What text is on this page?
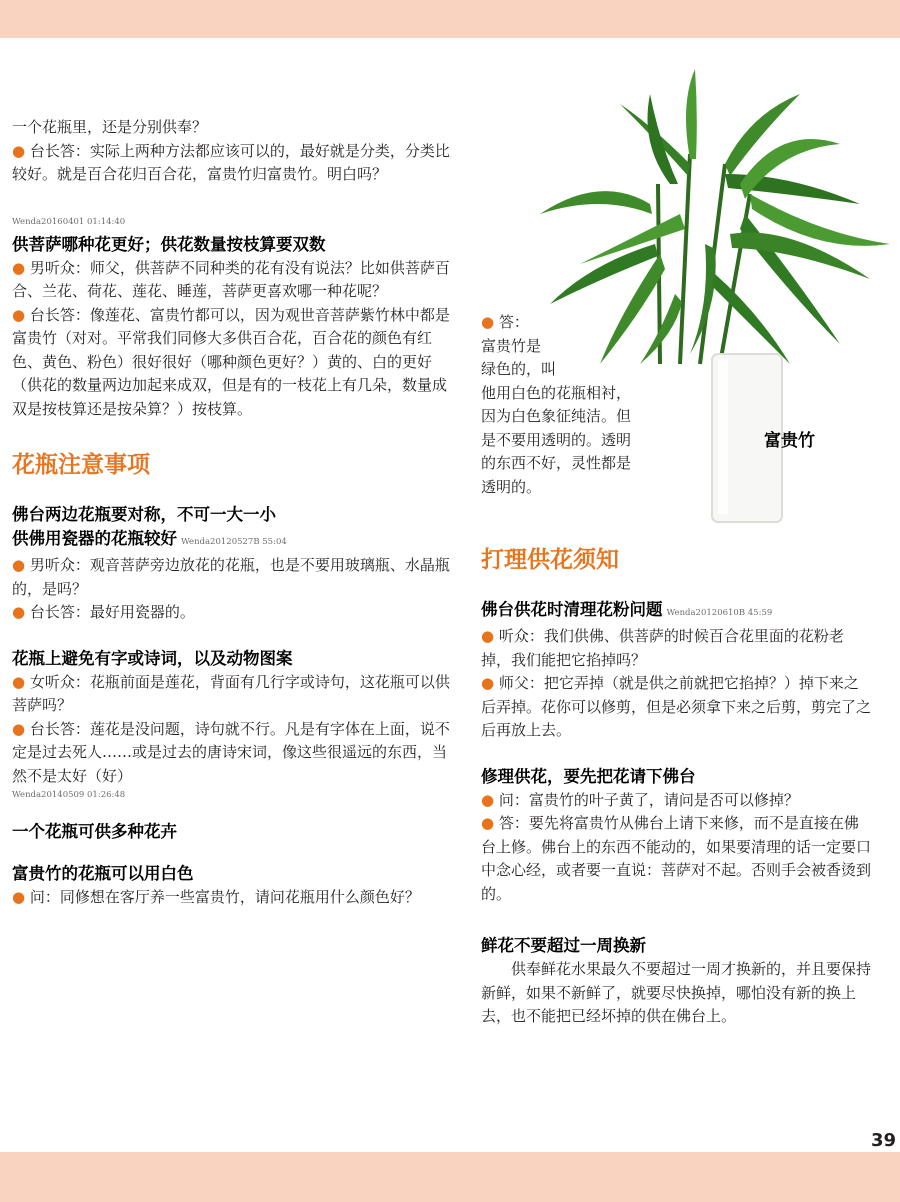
一个花瓶里，还是分别供奉？

● 台长答：实际上两种方法都应该可以的，最好就是分类，分类比较好。就是百合花归百合花，富贵竹归富贵竹。明白吗？

Wenda20160401 01:14:40
供菩萨哪种花更好；供花数量按枝算要双数

● 男听众：师父，供菩萨不同种类的花有没有说法？比如供菩萨百合、兰花、荷花、莲花、睡莲，菩萨更喜欢哪一种花呢？

● 台长答：像莲花、富贵竹都可以，因为观世音菩萨紫竹林中都是富贵竹（对对。平常我们同修大多供百合花，百合花的颜色有红色、黄色、粉色）很好很好（哪种颜色更好？）黄的、白的更好（供花的数量两边加起来成双，但是有的一枝花上有几朵，数量成双是按枝算还是按朵算？）按枝算。

花瓶注意事项
佛台两边花瓶要对称，不可一大一小
供佛用瓷器的花瓶较好 Wenda20120527B 55:04

● 男听众：观音菩萨旁边放花的花瓶，也是不要用玻璃瓶、水晶瓶的，是吗？

● 台长答：最好用瓷器的。

花瓶上避免有字或诗词，以及动物图案

● 女听众：花瓶前面是莲花，背面有几行字或诗句，这花瓶可以供菩萨吗？

● 台长答：莲花是没问题，诗句就不行。凡是有字体在上面，说不定是过去死人……或是过去的唐诗宋词，像这些很遥远的东西，当然不是太好（好）

Wenda20140509 01:26:48
一个花瓶可供多种花卉
富贵竹的花瓶可以用白色

● 问：同修想在客厅养一些富贵竹，请问花瓶用什么颜色好？

富贵竹

● 答：

富贵竹是

绿色的，叫

他用白色的花瓶相衬，

因为白色象征纯洁。但

是不要用透明的。透明

的东西不好，灵性都是

透明的。

打理供花须知
佛台供花时清理花粉问题 Wenda20120610B 45:59

● 听众：我们供佛、供菩萨的时候百合花里面的花粉老掉，我们能把它掐掉吗？

● 师父：把它弄掉（就是供之前就把它掐掉？）掉下来之后弄掉。花你可以修剪，但是必须拿下来之后剪，剪完了之后再放上去。

修理供花，要先把花请下佛台

● 问：富贵竹的叶子黄了，请问是否可以修掉？

● 答：要先将富贵竹从佛台上请下来修，而不是直接在佛台上修。佛台上的东西不能动的，如果要清理的话一定要口中念心经，或者要一直说：菩萨对不起。否则手会被香烫到的。

鲜花不要超过一周换新

供奉鲜花水果最久不要超过一周才换新的，并且要保持新鲜，如果不新鲜了，就要尽快换掉，哪怕没有新的换上去，也不能把已经坏掉的供在佛台上。

39
